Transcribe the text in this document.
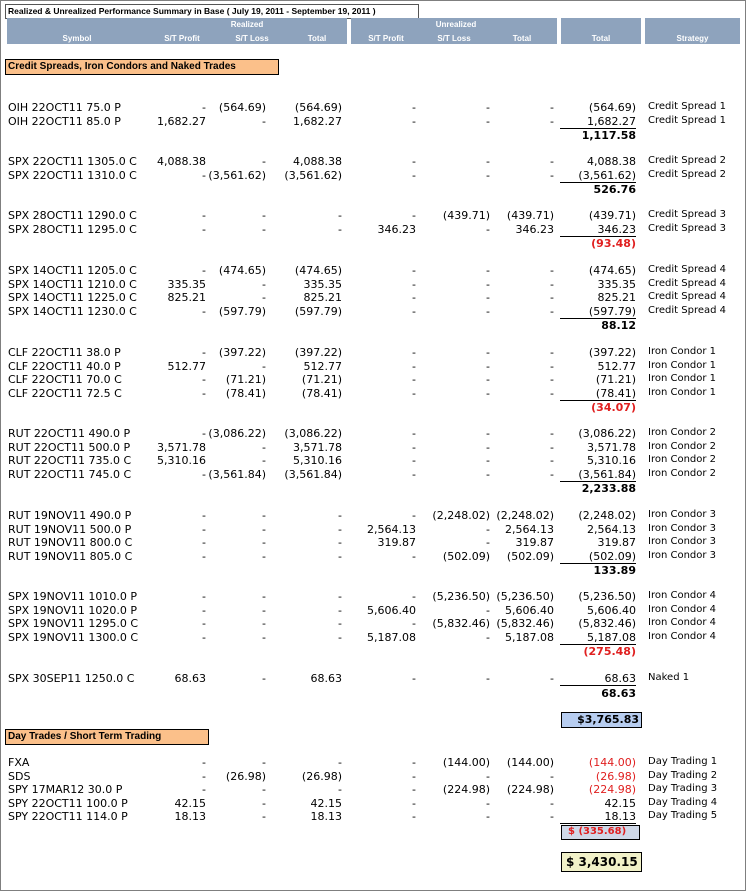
Realized & Unrealized Performance Summary in Base ( July 19, 2011 - September 19, 2011 )
Realized
Symbol	S/T Profit	S/T Loss	Total
Unrealized
S/T Profit	S/T Loss	Total	Total	Strategy
Credit Spreads, Iron Condors and Naked Trades
OIH 22OCT11 75.0 P	-	(564.69)	(564.69)	-	-	-	(564.69) Credit Spread 1
OIH 22OCT11 85.0 P	1,682.27	-	1,682.27	-	-	-	1,682.27 Credit Spread 1
1,117.58
SPX 22OCT11 1305.0 C	4,088.38	-	4,088.38	-	-	-	4,088.38 Credit Spread 2
SPX 22OCT11 1310.0 C	- (3,561.62)	(3,561.62)	-	-	-	(3,561.62) Credit Spread 2
526.76
SPX 28OCT11 1290.0 C	-	-	-	-	(439.71)	(439.71)	(439.71) Credit Spread 3
SPX 28OCT11 1295.0 C	-	-	-	346.23	-	346.23	346.23 Credit Spread 3
(93.48)
SPX 14OCT11 1205.0 C	-	(474.65)	(474.65)	-	-	-	(474.65) Credit Spread 4
SPX 14OCT11 1210.0 C	335.35	-	335.35	-	-	-	335.35 Credit Spread 4
SPX 14OCT11 1225.0 C	825.21	-	825.21	-	-	-	825.21 Credit Spread 4
SPX 14OCT11 1230.0 C	-	(597.79)	(597.79)	-	-	-	(597.79) Credit Spread 4
88.12
CLF 22OCT11 38.0 P	-	(397.22)	(397.22)	-	-	-	(397.22) Iron Condor 1
CLF 22OCT11 40.0 P	512.77	-	512.77	-	-	-	512.77 Iron Condor 1
CLF 22OCT11 70.0 C	-	(71.21)	(71.21)	-	-	-	(71.21) Iron Condor 1
CLF 22OCT11 72.5 C	-	(78.41)	(78.41)	-	-	-	(78.41) Iron Condor 1
(34.07)
RUT 22OCT11 490.0 P	- (3,086.22)	(3,086.22)	-	-	-	(3,086.22) Iron Condor 2
RUT 22OCT11 500.0 P	3,571.78	-	3,571.78	-	-	-	3,571.78 Iron Condor 2
RUT 22OCT11 735.0 C	5,310.16	-	5,310.16	-	-	-	5,310.16 Iron Condor 2
RUT 22OCT11 745.0 C	- (3,561.84)	(3,561.84)	-	-	-	(3,561.84) Iron Condor 2
2,233.88
RUT 19NOV11 490.0 P	-	-	-	-	(2,248.02) (2,248.02)	(2,248.02) Iron Condor 3
RUT 19NOV11 500.0 P	-	-	-	2,564.13	-	2,564.13	2,564.13 Iron Condor 3
RUT 19NOV11 800.0 C	-	-	-	319.87	-	319.87	319.87 Iron Condor 3
RUT 19NOV11 805.0 C	-	-	-	-	(502.09)	(502.09)	(502.09) Iron Condor 3
133.89
SPX 19NOV11 1010.0 P	-	-	-	-	(5,236.50) (5,236.50)	(5,236.50) Iron Condor 4
SPX 19NOV11 1020.0 P	-	-	-	5,606.40	-	5,606.40	5,606.40 Iron Condor 4
SPX 19NOV11 1295.0 C	-	-	-	-	(5,832.46) (5,832.46)	(5,832.46) Iron Condor 4
SPX 19NOV11 1300.0 C	-	-	-	5,187.08	-	5,187.08	5,187.08 Iron Condor 4
(275.48)
SPX 30SEP11 1250.0 C	68.63	-	68.63	-	-	-	68.63 Naked 1
68.63
Day Trades / Short Term Trading
FXA	-	-	-	-	(144.00)	(144.00)	(144.00) Day Trading 1
SDS	-	(26.98)	(26.98)	-	-	-	(26.98) Day Trading 2
SPY 17MAR12 30.0 P	-	-	-	-	(224.98)	(224.98)	(224.98) Day Trading 3
SPY 22OCT11 100.0 P	42.15	-	42.15	-	-	-	42.15 Day Trading 4
SPY 22OCT11 114.0 P	18.13	-	18.13	-	-	-	18.13 Day Trading 5
$ (335.68)
$3,765.83
$ 3,430.15
